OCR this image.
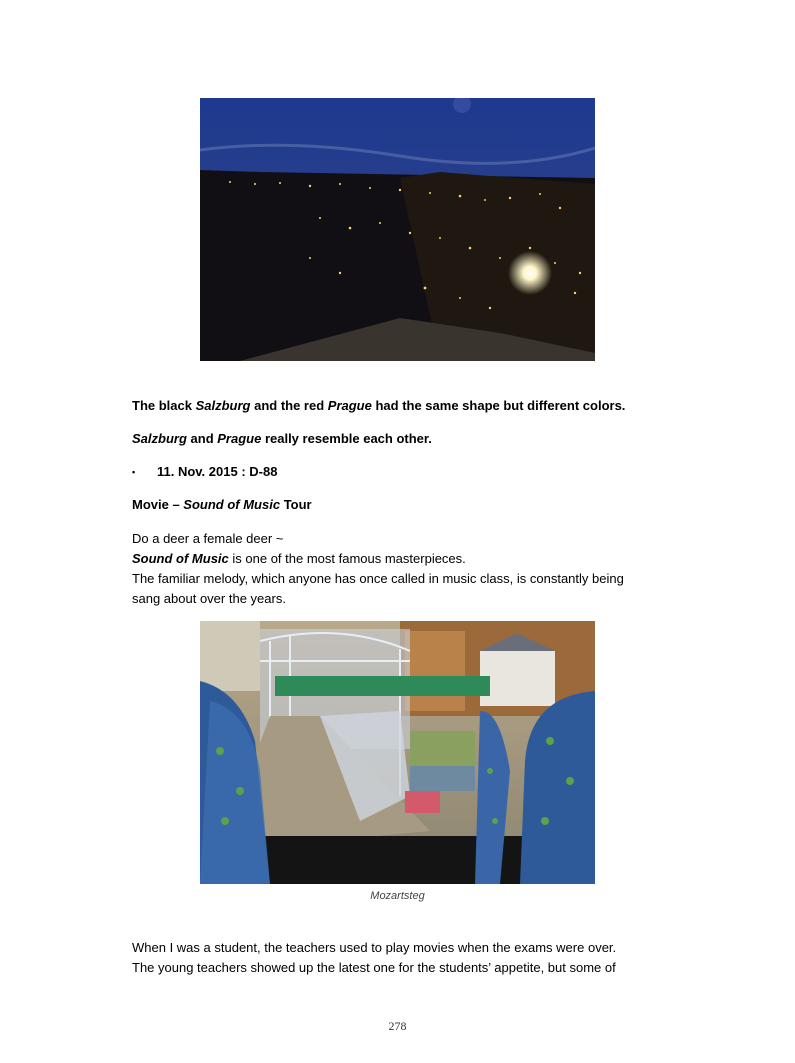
The black Salzburg and the red Prague had the same shape but different colors.
Salzburg and Prague really resemble each other.
• 11. Nov. 2015 : D-88
Movie – Sound of Music Tour
Do a deer a female deer ~
Sound of Music is one of the most famous masterpieces.
The familiar melody, which anyone has once called in music class, is constantly being
sang about over the years.
Mozartsteg
When I was a student, the teachers used to play movies when the exams were over.
The young teachers showed up the latest one for the students’ appetite, but some of
278
